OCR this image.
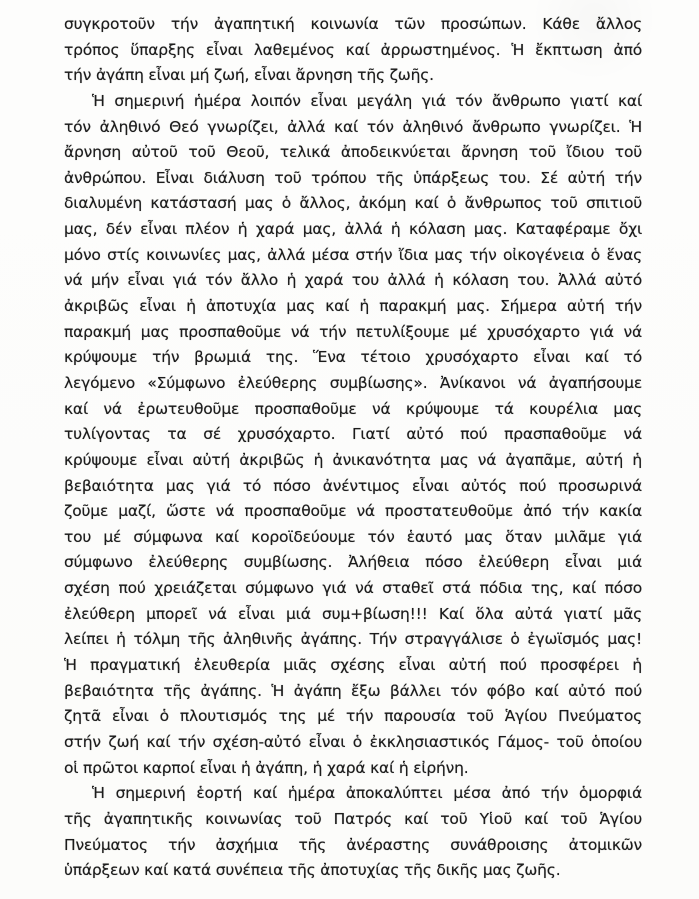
συγκροτοῦν τήν ἀγαπητική κοινωνία τῶν προσώπων. Κάθε ἄλλος
τρόπος ὕπαρξης εἶναι λαθεμένος καί ἀρρωστημένος. Ἡ ἔκπτωση ἀπό
τήν ἀγάπη εἶναι μή ζωή, εἶναι ἄρνηση τῆς ζωῆς.
Ἡ σημερινή ἡμέρα λοιπόν εἶναι μεγάλη γιά τόν ἄνθρωπο γιατί καί
τόν ἀληθινό Θεό γνωρίζει, ἀλλά καί τόν ἀληθινό ἄνθρωπο γνωρίζει. Ἡ
ἄρνηση αὐτοῦ τοῦ Θεοῦ, τελικά ἀποδεικνύεται ἄρνηση τοῦ ἴδιου τοῦ
ἀνθρώπου. Εἶναι διάλυση τοῦ τρόπου τῆς ὑπάρξεως του. Σέ αὐτή τήν
διαλυμένη κατάστασή μας ὁ ἄλλος, ἀκόμη καί ὁ ἄνθρωπος τοῦ σπιτιοῦ
μας, δέν εἶναι πλέον ἡ χαρά μας, ἀλλά ἡ κόλαση μας. Καταφέραμε ὄχι
μόνο στίς κοινωνίες μας, ἀλλά μέσα στήν ἴδια μας τήν οἰκογένεια ὁ ἕνας
νά μήν εἶναι γιά τόν ἄλλο ἡ χαρά του ἀλλά ἡ κόλαση του. Ἀλλά αὐτό
ἀκριβῶς εἶναι ἡ ἀποτυχία μας καί ἡ παρακμή μας. Σήμερα αὐτή τήν
παρακμή μας προσπαθοῦμε νά τήν πετυλίξουμε μέ χρυσόχαρτο γιά νά
κρύψουμε τήν βρωμιά της. Ἕνα τέτοιο χρυσόχαρτο εἶναι καί τό
λεγόμενο «Σύμφωνο ἐλεύθερης συμβίωσης». Ἀνίκανοι νά ἀγαπήσουμε
καί νά ἐρωτευθοῦμε προσπαθοῦμε νά κρύψουμε τά κουρέλια μας
τυλίγοντας τα σέ χρυσόχαρτο. Γιατί αὐτό πού πρασπαθοῦμε νά
κρύψουμε εἶναι αὐτή ἀκριβῶς ἡ ἀνικανότητα μας νά ἀγαπᾶμε, αὐτή ἡ
βεβαιότητα μας γιά τό πόσο ἀνέντιμος εἶναι αὐτός πού προσωρινά
ζοῦμε μαζί, ὥστε νά προσπαθοῦμε νά προστατευθοῦμε ἀπό τήν κακία
του μέ σύμφωνα καί κοροϊδεύουμε τόν ἑαυτό μας ὅταν μιλᾶμε γιά
σύμφωνο ἐλεύθερης συμβίωσης. Ἀλήθεια πόσο ἐλεύθερη εἶναι μιά
σχέση πού χρειάζεται σύμφωνο γιά νά σταθεῖ στά πόδια της, καί πόσο
ἐλεύθερη μπορεῖ νά εἶναι μιά συμ+βίωση!!! Καί ὅλα αὐτά γιατί μᾶς
λείπει ἡ τόλμη τῆς ἀληθινῆς ἀγάπης. Τήν στραγγάλισε ὁ ἐγωϊσμός μας!
Ἡ πραγματική ἐλευθερία μιᾶς σχέσης εἶναι αὐτή πού προσφέρει ἡ
βεβαιότητα τῆς ἀγάπης. Ἡ ἀγάπη ἔξω βάλλει τόν φόβο καί αὐτό πού
ζητᾶ εἶναι ὁ πλουτισμός της μέ τήν παρουσία τοῦ Ἁγίου Πνεύματος
στήν ζωή καί τήν σχέση-αὐτό εἶναι ὁ ἐκκλησιαστικός Γάμος- τοῦ ὁποίου
οἱ πρῶτοι καρποί εἶναι ἡ ἀγάπη, ἡ χαρά καί ἡ εἰρήνη.
Ἡ σημερινή ἑορτή καί ἡμέρα ἀποκαλύπτει μέσα ἀπό τήν ὁμορφιά
τῆς ἀγαπητικῆς κοινωνίας τοῦ Πατρός καί τοῦ Υἱοῦ καί τοῦ Ἁγίου
Πνεύματος τήν ἀσχήμια τῆς ἀνέραστης συνάθροισης ἀτομικῶν
ὑπάρξεων καί κατά συνέπεια τῆς ἀποτυχίας τῆς δικῆς μας ζωῆς.
